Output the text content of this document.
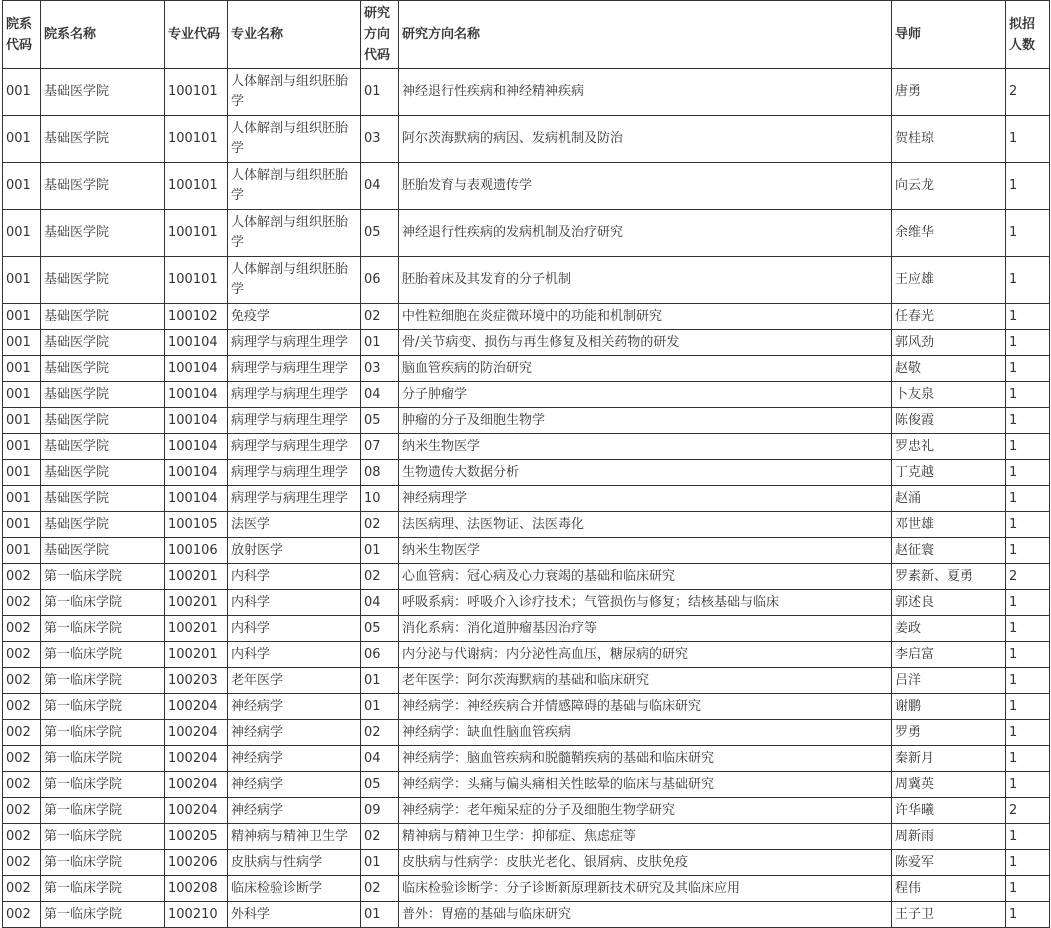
院系代码	院系名称	专业代码	专业名称	研究方向代码	研究方向名称	导师	拟招人数
001	基础医学院	100101	人体解剖与组织胚胎学	01	神经退行性疾病和神经精神疾病	唐勇	2
001	基础医学院	100101	人体解剖与组织胚胎学	03	阿尔茨海默病的病因、发病机制及防治	贺桂琼	1
001	基础医学院	100101	人体解剖与组织胚胎学	04	胚胎发育与表观遗传学	向云龙	1
001	基础医学院	100101	人体解剖与组织胚胎学	05	神经退行性疾病的发病机制及治疗研究	余维华	1
001	基础医学院	100101	人体解剖与组织胚胎学	06	胚胎着床及其发育的分子机制	王应雄	1
001	基础医学院	100102	免疫学	02	中性粒细胞在炎症微环境中的功能和机制研究	任春光	1
001	基础医学院	100104	病理学与病理生理学	01	骨/关节病变、损伤与再生修复及相关药物的研发	郭风劲	1
001	基础医学院	100104	病理学与病理生理学	03	脑血管疾病的防治研究	赵敬	1
001	基础医学院	100104	病理学与病理生理学	04	分子肿瘤学	卜友泉	1
001	基础医学院	100104	病理学与病理生理学	05	肿瘤的分子及细胞生物学	陈俊霞	1
001	基础医学院	100104	病理学与病理生理学	07	纳米生物医学	罗忠礼	1
001	基础医学院	100104	病理学与病理生理学	08	生物遗传大数据分析	丁克越	1
001	基础医学院	100104	病理学与病理生理学	10	神经病理学	赵涌	1
001	基础医学院	100105	法医学	02	法医病理、法医物证、法医毒化	邓世雄	1
001	基础医学院	100106	放射医学	01	纳米生物医学	赵征寰	1
002	第一临床学院	100201	内科学	02	心血管病：冠心病及心力衰竭的基础和临床研究	罗素新、夏勇	2
002	第一临床学院	100201	内科学	04	呼吸系病：呼吸介入诊疗技术；气管损伤与修复；结核基础与临床	郭述良	1
002	第一临床学院	100201	内科学	05	消化系病：消化道肿瘤基因治疗等	姜政	1
002	第一临床学院	100201	内科学	06	内分泌与代谢病：内分泌性高血压，糖尿病的研究	李启富	1
002	第一临床学院	100203	老年医学	01	老年医学：阿尔茨海默病的基础和临床研究	吕洋	1
002	第一临床学院	100204	神经病学	01	神经病学：神经疾病合并情感障碍的基础与临床研究	谢鹏	1
002	第一临床学院	100204	神经病学	02	神经病学：缺血性脑血管疾病	罗勇	1
002	第一临床学院	100204	神经病学	04	神经病学：脑血管疾病和脱髓鞘疾病的基础和临床研究	秦新月	1
002	第一临床学院	100204	神经病学	05	神经病学：头痛与偏头痛相关性眩晕的临床与基础研究	周冀英	1
002	第一临床学院	100204	神经病学	09	神经病学：老年痴呆症的分子及细胞生物学研究	许华曦	2
002	第一临床学院	100205	精神病与精神卫生学	02	精神病与精神卫生学：抑郁症、焦虑症等	周新雨	1
002	第一临床学院	100206	皮肤病与性病学	01	皮肤病与性病学：皮肤光老化、银屑病、皮肤免疫	陈爱军	1
002	第一临床学院	100208	临床检验诊断学	02	临床检验诊断学：分子诊断新原理新技术研究及其临床应用	程伟	1
002	第一临床学院	100210	外科学	01	普外：胃癌的基础与临床研究	王子卫	1
